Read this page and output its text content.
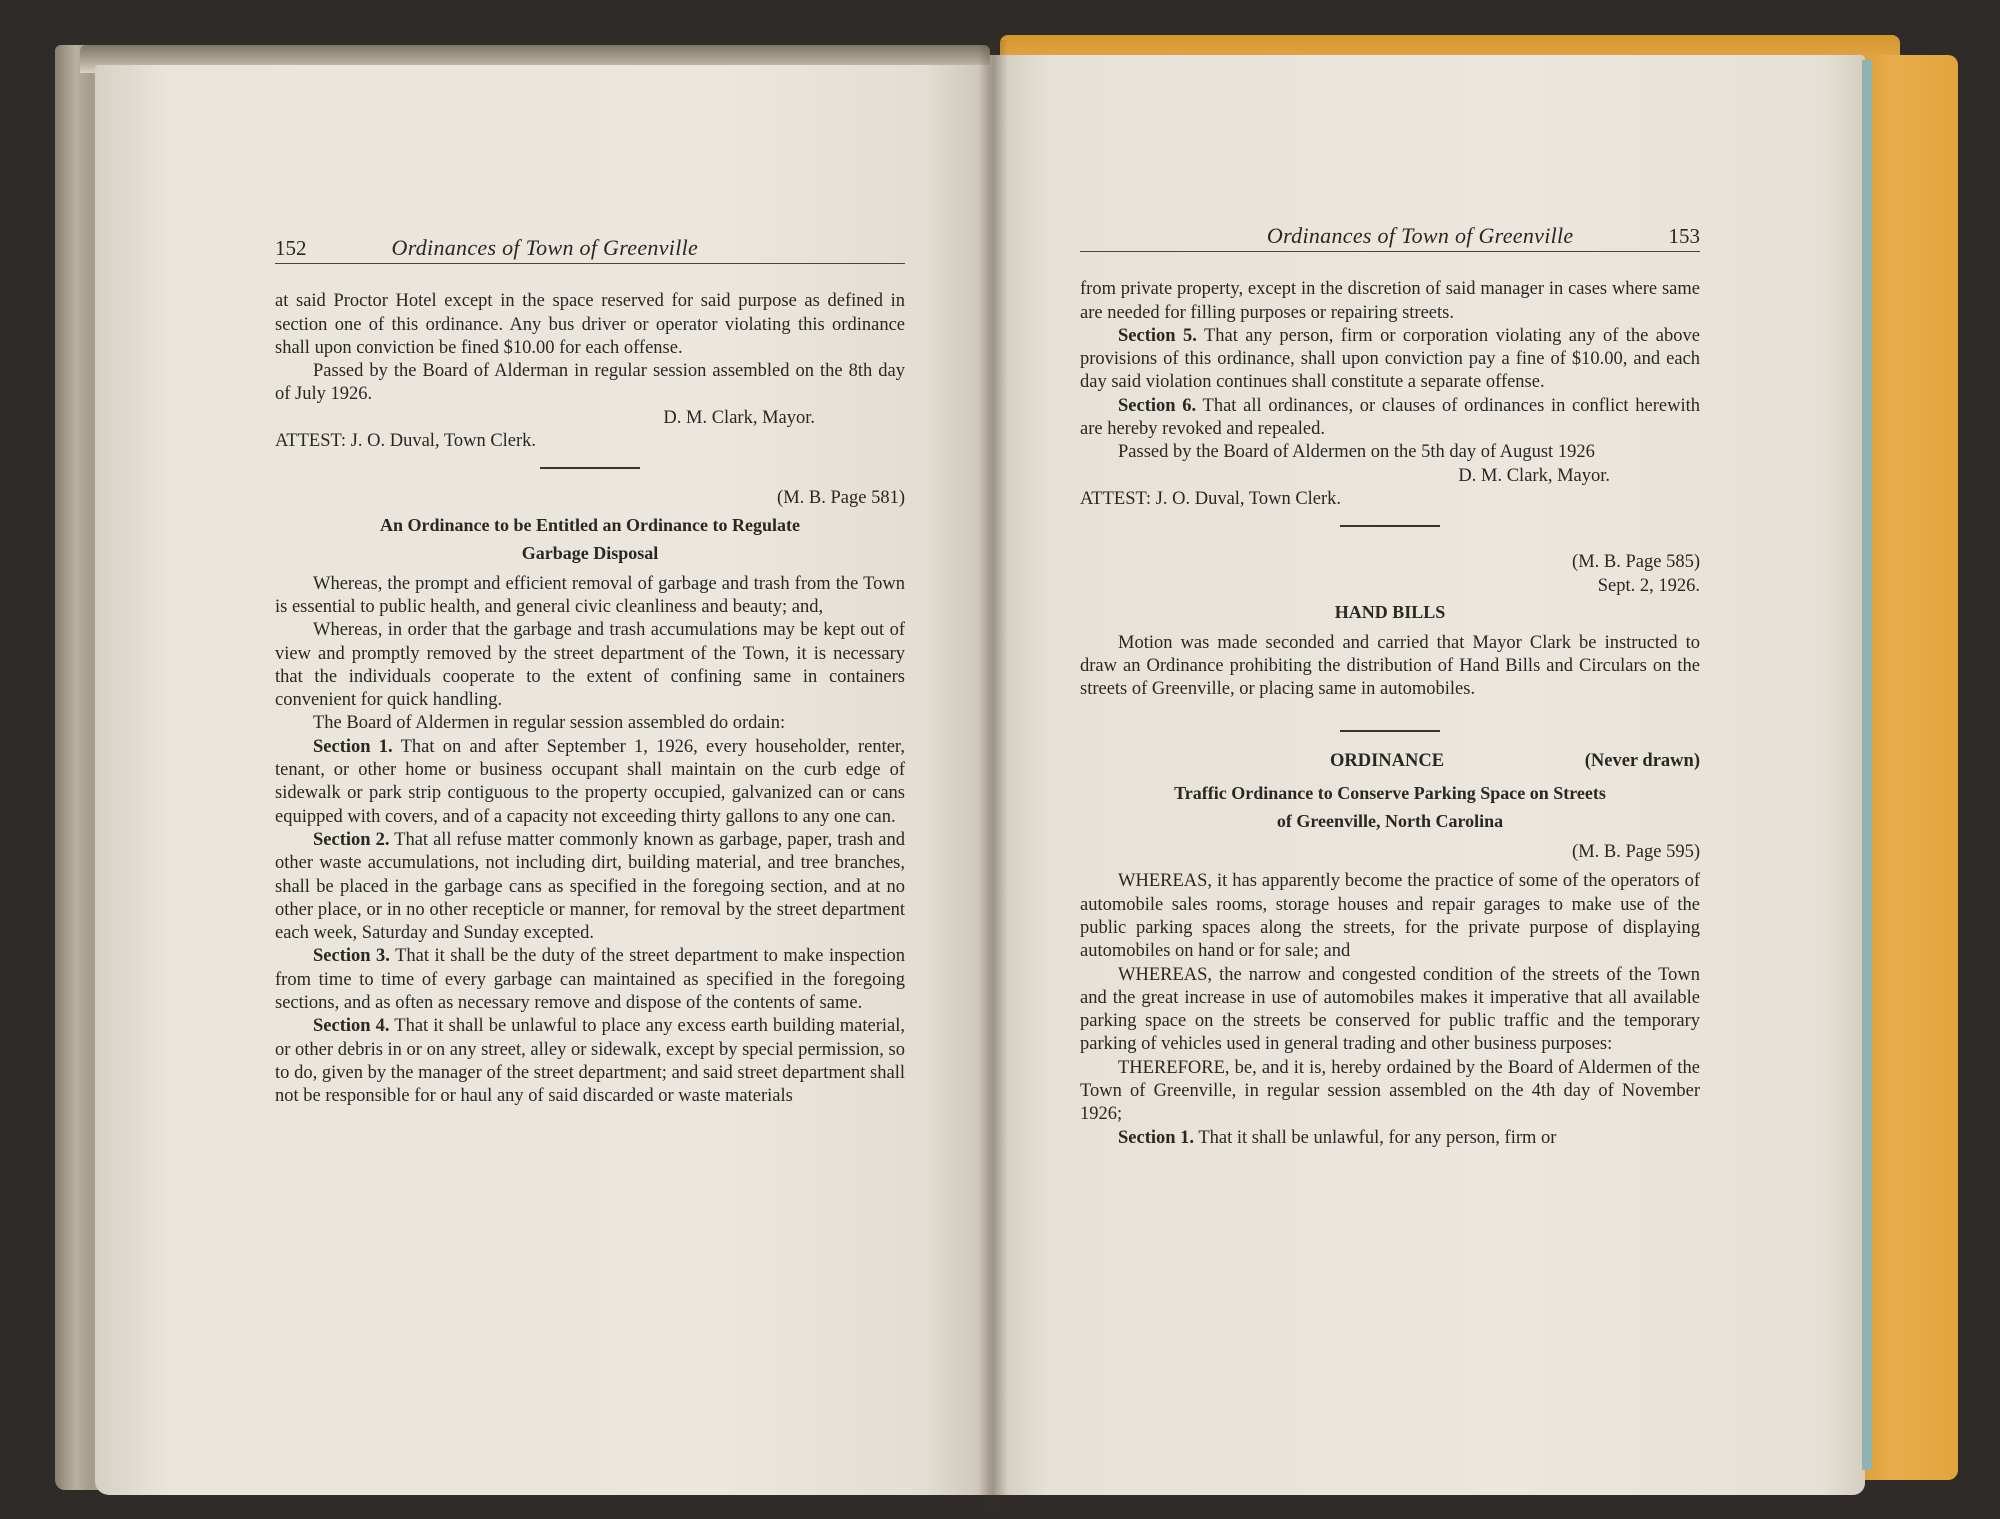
152	Ordinances of Town of Greenville

at said Proctor Hotel except in the space reserved for said purpose as defined in section one of this ordinance. Any bus driver or operator violating this ordinance shall upon conviction be fined $10.00 for each offense.

Passed by the Board of Alderman in regular session assembled on the 8th day of July 1926.

D. M. Clark, Mayor.

ATTEST: J. O. Duval, Town Clerk.

(M. B. Page 581)

An Ordinance to be Entitled an Ordinance to Regulate
Garbage Disposal

Whereas, the prompt and efficient removal of garbage and trash from the Town is essential to public health, and general civic cleanliness and beauty; and,

Whereas, in order that the garbage and trash accumulations may be kept out of view and promptly removed by the street department of the Town, it is necessary that the individuals cooperate to the extent of confining same in containers convenient for quick handling.

The Board of Aldermen in regular session assembled do ordain:

Section 1. That on and after September 1, 1926, every householder, renter, tenant, or other home or business occupant shall maintain on the curb edge of sidewalk or park strip contiguous to the property occupied, galvanized can or cans equipped with covers, and of a capacity not exceeding thirty gallons to any one can.

Section 2. That all refuse matter commonly known as garbage, paper, trash and other waste accumulations, not including dirt, building material, and tree branches, shall be placed in the garbage cans as specified in the foregoing section, and at no other place, or in no other recepticle or manner, for removal by the street department each week, Saturday and Sunday excepted.

Section 3. That it shall be the duty of the street department to make inspection from time to time of every garbage can maintained as specified in the foregoing sections, and as often as necessary remove and dispose of the contents of same.

Section 4. That it shall be unlawful to place any excess earth building material, or other debris in or on any street, alley or sidewalk, except by special permission, so to do, given by the manager of the street department; and said street department shall not be responsible for or haul any of said discarded or waste materials

Ordinances of Town of Greenville	153

from private property, except in the discretion of said manager in cases where same are needed for filling purposes or repairing streets.

Section 5. That any person, firm or corporation violating any of the above provisions of this ordinance, shall upon conviction pay a fine of $10.00, and each day said violation continues shall constitute a separate offense.

Section 6. That all ordinances, or clauses of ordinances in conflict herewith are hereby revoked and repealed.

Passed by the Board of Aldermen on the 5th day of August 1926

D. M. Clark, Mayor.

ATTEST: J. O. Duval, Town Clerk.

(M. B. Page 585)

Sept. 2, 1926.

HAND BILLS

Motion was made seconded and carried that Mayor Clark be instructed to draw an Ordinance prohibiting the distribution of Hand Bills and Circulars on the streets of Greenville, or placing same in automobiles.

ORDINANCE	(Never drawn)
Traffic Ordinance to Conserve Parking Space on Streets
of Greenville, North Carolina

(M. B. Page 595)

WHEREAS, it has apparently become the practice of some of the operators of automobile sales rooms, storage houses and repair garages to make use of the public parking spaces along the streets, for the private purpose of displaying automobiles on hand or for sale; and

WHEREAS, the narrow and congested condition of the streets of the Town and the great increase in use of automobiles makes it imperative that all available parking space on the streets be conserved for public traffic and the temporary parking of vehicles used in general trading and other business purposes:

THEREFORE, be, and it is, hereby ordained by the Board of Aldermen of the Town of Greenville, in regular session assembled on the 4th day of November 1926;

Section 1. That it shall be unlawful, for any person, firm or
